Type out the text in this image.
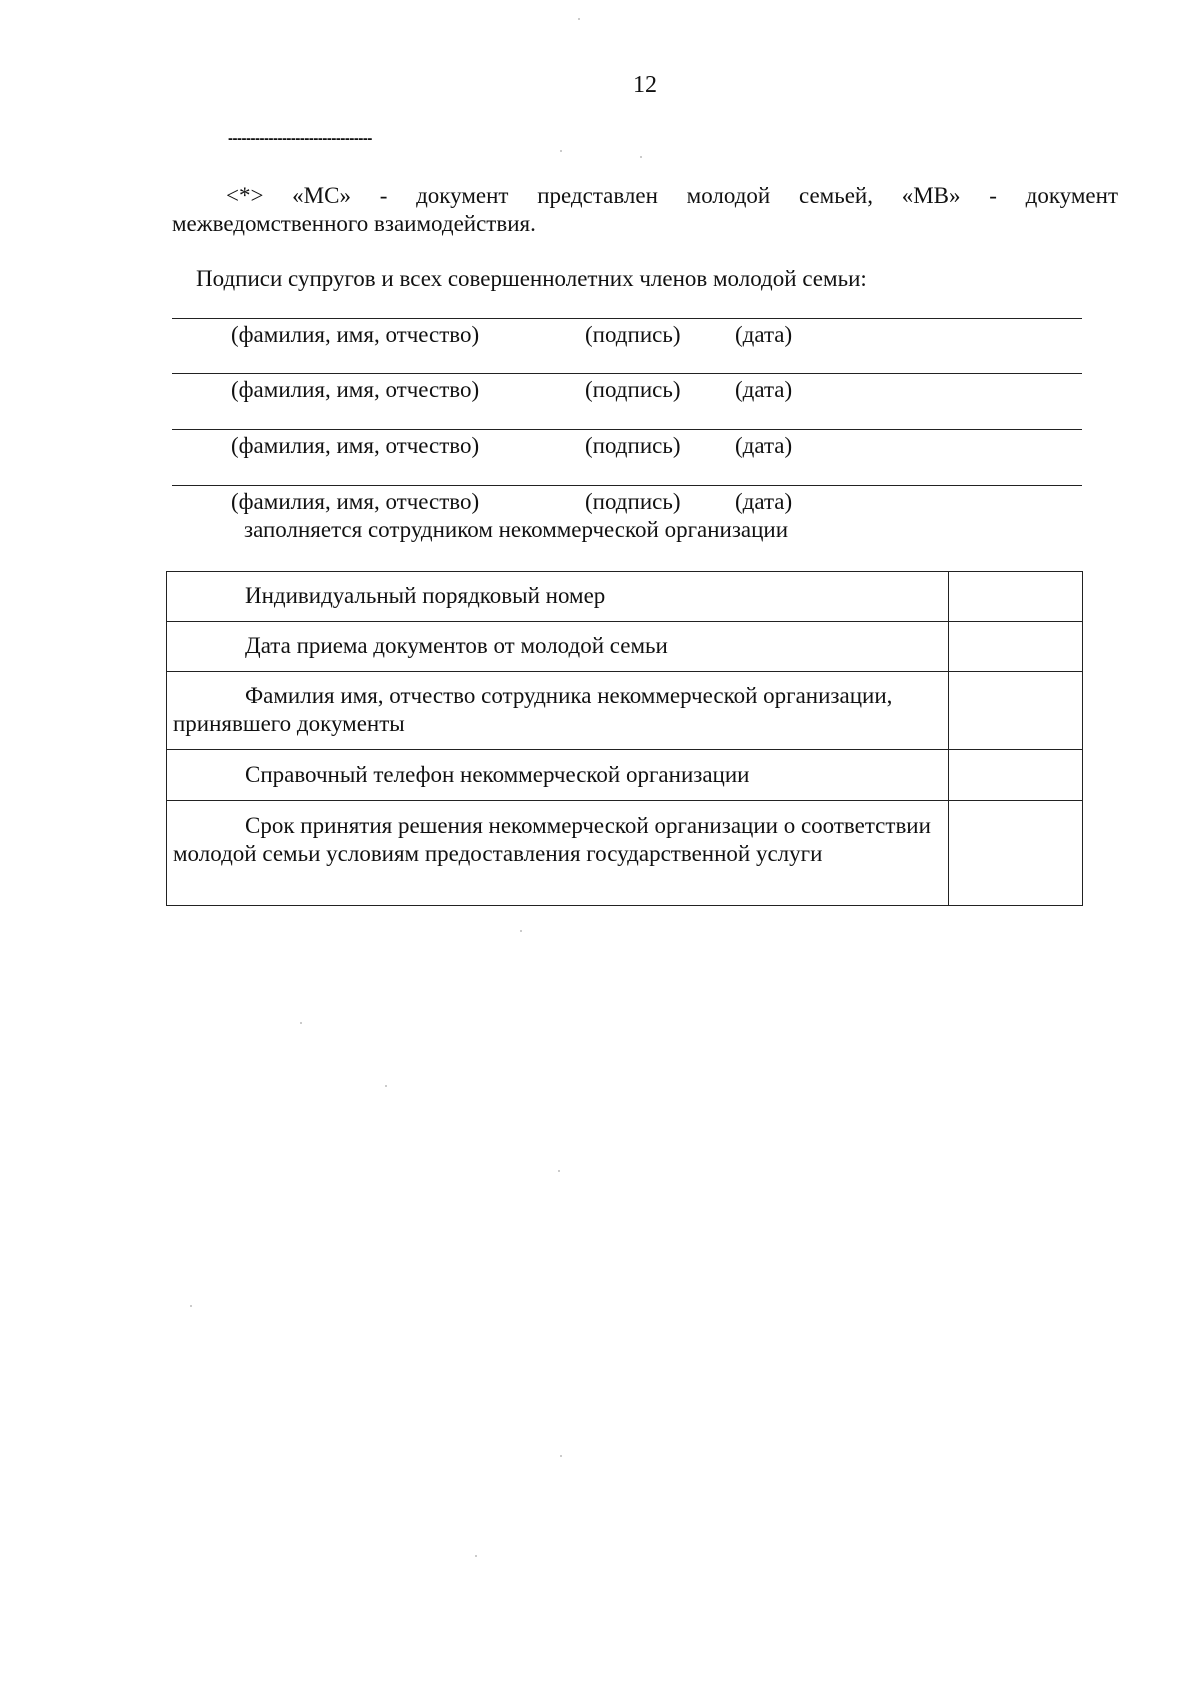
12
--------------------------------
<*> «МС» - документ представлен молодой семьей, «МВ» - документ
межведомственного взаимодействия.
Подписи супругов и всех совершеннолетних членов молодой семьи:
(фамилия, имя, отчество)	(подпись) (дата)
(фамилия, имя, отчество)	(подпись) (дата)
(фамилия, имя, отчество)	(подпись) (дата)
(фамилия, имя, отчество)	(подпись) (дата)
заполняется сотрудником некоммерческой организации
Индивидуальный порядковый номер	

Дата приема документов от молодой семьи	

Фамилия имя, отчество сотрудника некоммерческой организации, принявшего документы	

Справочный телефон некоммерческой организации	

Срок принятия решения некоммерческой организации о соответствии молодой семьи условиям предоставления государственной услуги	
